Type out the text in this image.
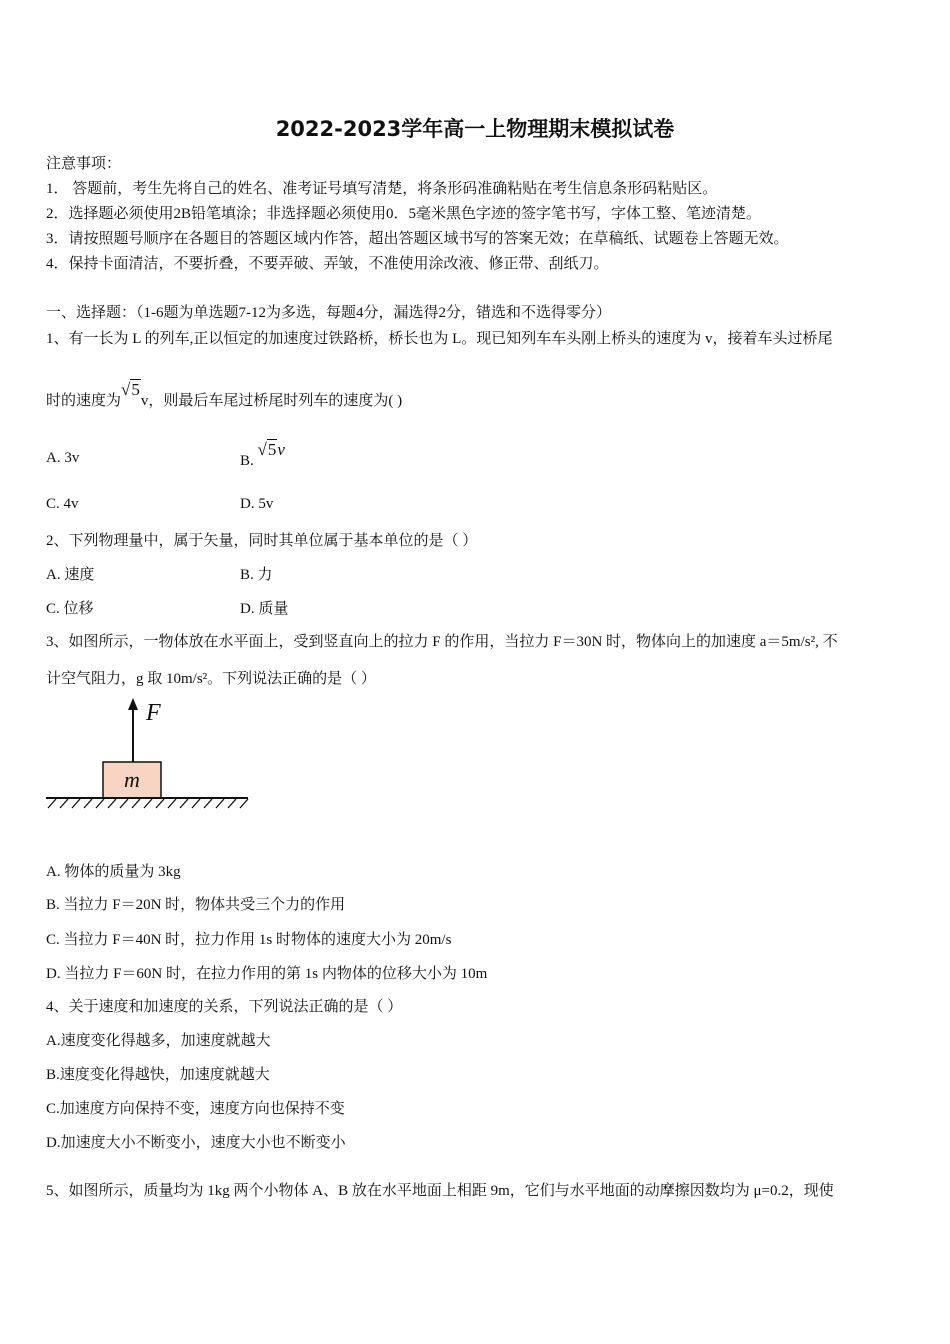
2022-2023学年高一上物理期末模拟试卷
注意事项：
1． 答题前，考生先将自己的姓名、准考证号填写清楚，将条形码准确粘贴在考生信息条形码粘贴区。
2．选择题必须使用2B铅笔填涂；非选择题必须使用0．5毫米黑色字迹的签字笔书写，字体工整、笔迹清楚。
3．请按照题号顺序在各题目的答题区域内作答，超出答题区域书写的答案无效；在草稿纸、试题卷上答题无效。
4．保持卡面清洁，不要折叠，不要弄破、弄皱，不准使用涂改液、修正带、刮纸刀。
一、选择题：（1-6题为单选题7-12为多选，每题4分，漏选得2分，错选和不选得零分）
1、有一长为 L 的列车,正以恒定的加速度过铁路桥，桥长也为 L。现已知列车车头刚上桥头的速度为 v，接着车头过桥尾
时的速度为√5v，则最后车尾过桥尾时列车的速度为( )
A. 3v	B. √5v
C. 4v	D. 5v
2、下列物理量中，属于矢量，同时其单位属于基本单位的是（ ）
A. 速度	B. 力
C. 位移	D. 质量
3、如图所示，一物体放在水平面上，受到竖直向上的拉力 F 的作用，当拉力 F＝30N 时，物体向上的加速度 a＝5m/s², 不
计空气阻力，g 取 10m/s²。下列说法正确的是（ ）
F
m
A. 物体的质量为 3kg
B. 当拉力 F＝20N 时，物体共受三个力的作用
C. 当拉力 F＝40N 时，拉力作用 1s 时物体的速度大小为 20m/s
D. 当拉力 F＝60N 时，在拉力作用的第 1s 内物体的位移大小为 10m
4、关于速度和加速度的关系，下列说法正确的是（ ）
A.速度变化得越多，加速度就越大
B.速度变化得越快，加速度就越大
C.加速度方向保持不变，速度方向也保持不变
D.加速度大小不断变小，速度大小也不断变小
5、如图所示，质量均为 1kg 两个小物体 A、B 放在水平地面上相距 9m，它们与水平地面的动摩擦因数均为 μ=0.2，现使
